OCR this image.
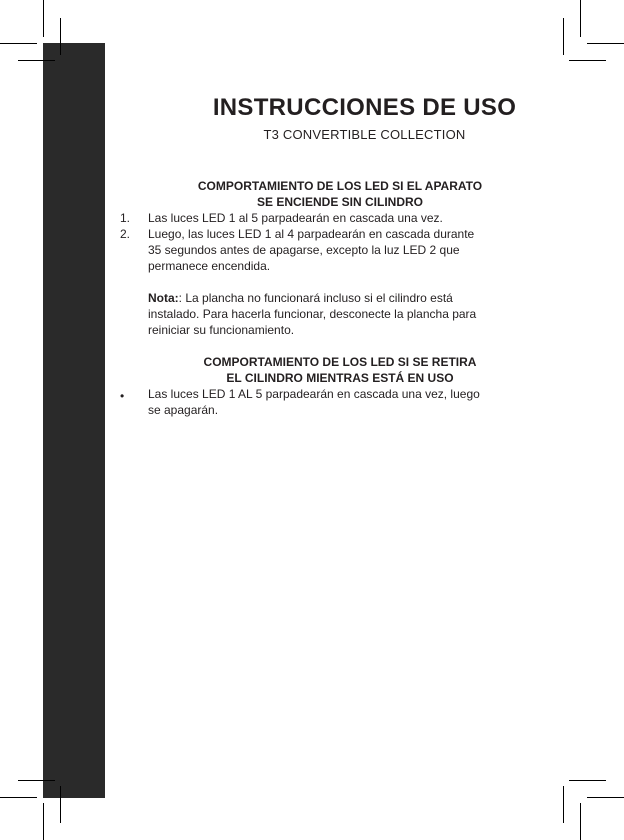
INSTRUCCIONES DE USO
T3 CONVERTIBLE COLLECTION
COMPORTAMIENTO DE LOS LED SI EL APARATO
SE ENCIENDE SIN CILINDRO
1.	Las luces LED 1 al 5 parpadearán en cascada una vez.
2.	Luego, las luces LED 1 al 4 parpadearán en cascada durante
35 segundos antes de apagarse, excepto la luz LED 2 que
permanece encendida.
Nota:: La plancha no funcionará incluso si el cilindro está
instalado. Para hacerla funcionar, desconecte la plancha para
reiniciar su funcionamiento.
COMPORTAMIENTO DE LOS LED SI SE RETIRA
EL CILINDRO MIENTRAS ESTÁ EN USO
•	Las luces LED 1 AL 5 parpadearán en cascada una vez, luego
se apagarán.
